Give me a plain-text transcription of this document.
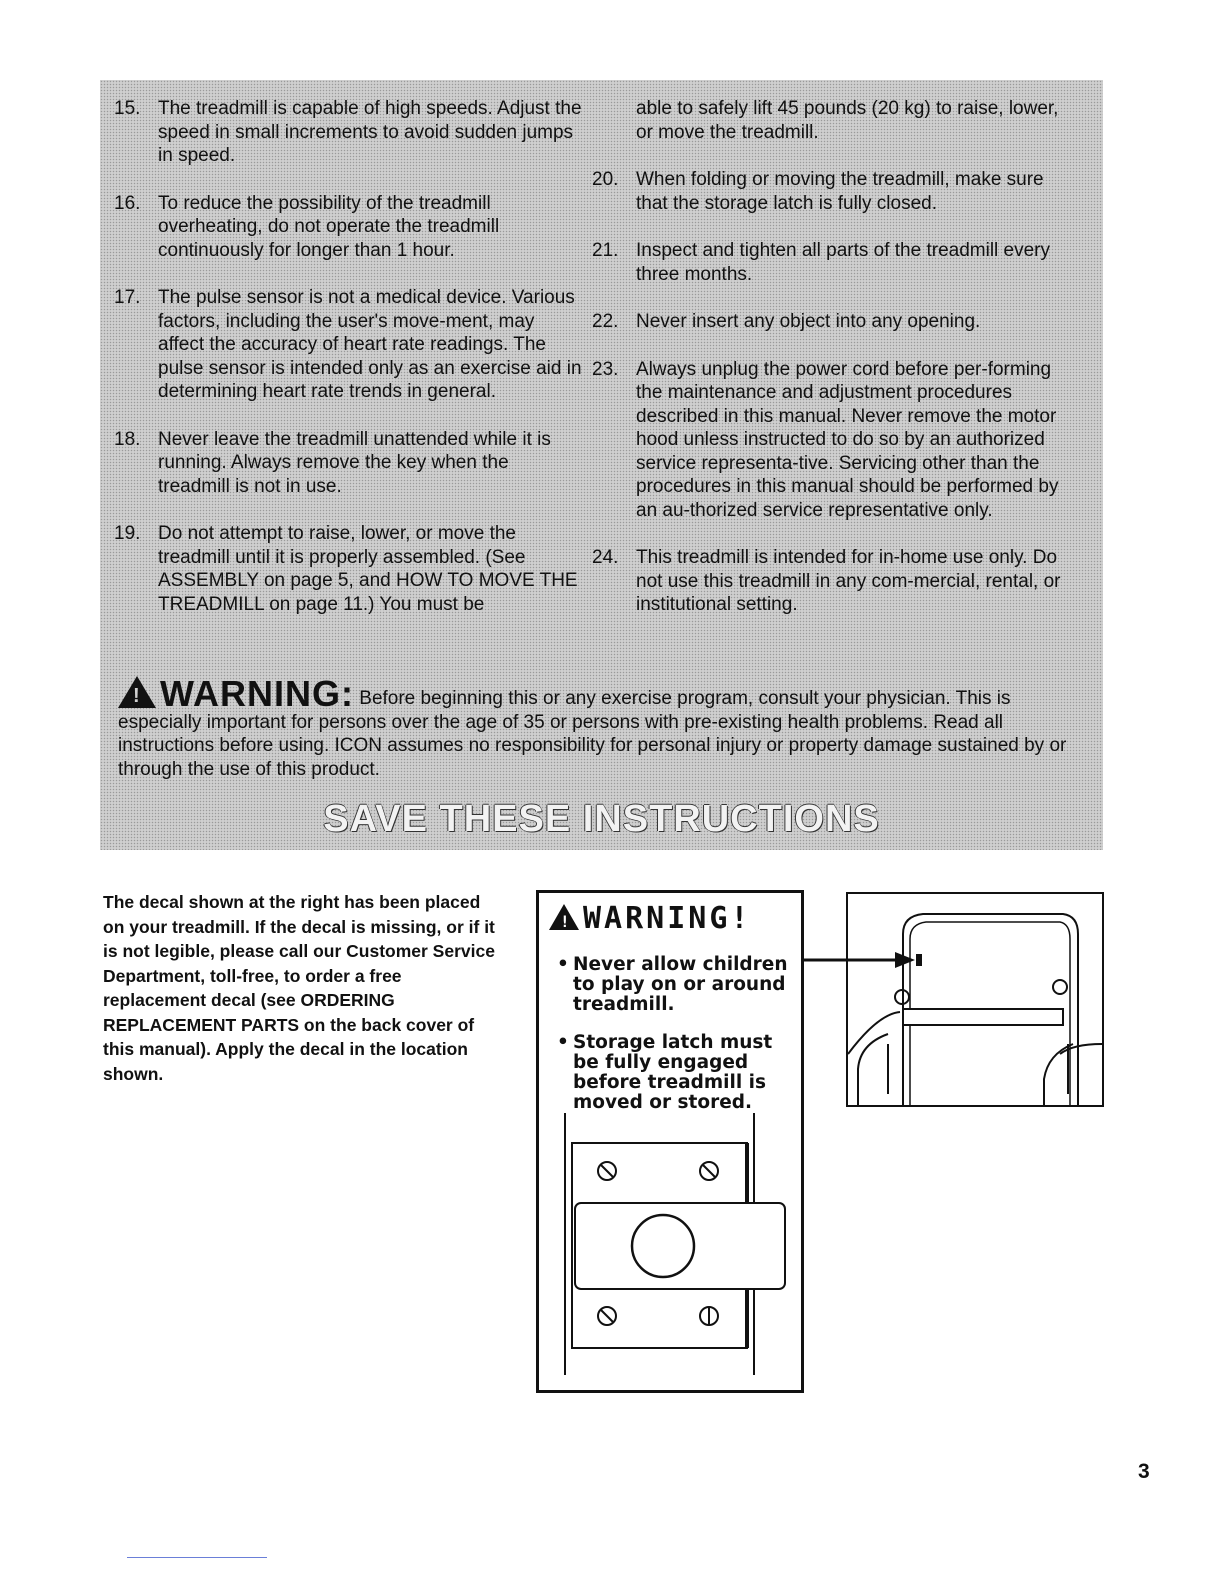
15. The treadmill is capable of high speeds. Adjust the speed in small increments to avoid sudden jumps in speed.
16. To reduce the possibility of the treadmill overheating, do not operate the treadmill continuously for longer than 1 hour.
17. The pulse sensor is not a medical device. Various factors, including the user's move-ment, may affect the accuracy of heart rate readings. The pulse sensor is intended only as an exercise aid in determining heart rate trends in general.
18. Never leave the treadmill unattended while it is running. Always remove the key when the treadmill is not in use.
19. Do not attempt to raise, lower, or move the treadmill until it is properly assembled. (See ASSEMBLY on page 5, and HOW TO MOVE THE TREADMILL on page 11.) You must be
able to safely lift 45 pounds (20 kg) to raise, lower, or move the treadmill.
20. When folding or moving the treadmill, make sure that the storage latch is fully closed.
21. Inspect and tighten all parts of the treadmill every three months.
22. Never insert any object into any opening.
23. Always unplug the power cord before per-forming the maintenance and adjustment procedures described in this manual. Never remove the motor hood unless instructed to do so by an authorized service representa-tive. Servicing other than the procedures in this manual should be performed by an au-thorized service representative only.
24. This treadmill is intended for in-home use only. Do not use this treadmill in any com-mercial, rental, or institutional setting.
!WARNING: Before beginning this or any exercise program, consult your physician. This is especially important for persons over the age of 35 or persons with pre-existing health problems. Read all instructions before using. ICON assumes no responsibility for personal injury or property damage sustained by or through the use of this product.
SAVE THESE INSTRUCTIONS
The decal shown at the right has been placed on your treadmill. If the decal is missing, or if it is not legible, please call our Customer Service Department, toll-free, to order a free replacement decal (see ORDERING REPLACEMENT PARTS on the back cover of this manual). Apply the decal in the location shown.
!WARNING!
• Never allow children to play on or around treadmill.
• Storage latch must be fully engaged before treadmill is moved or stored.
3
